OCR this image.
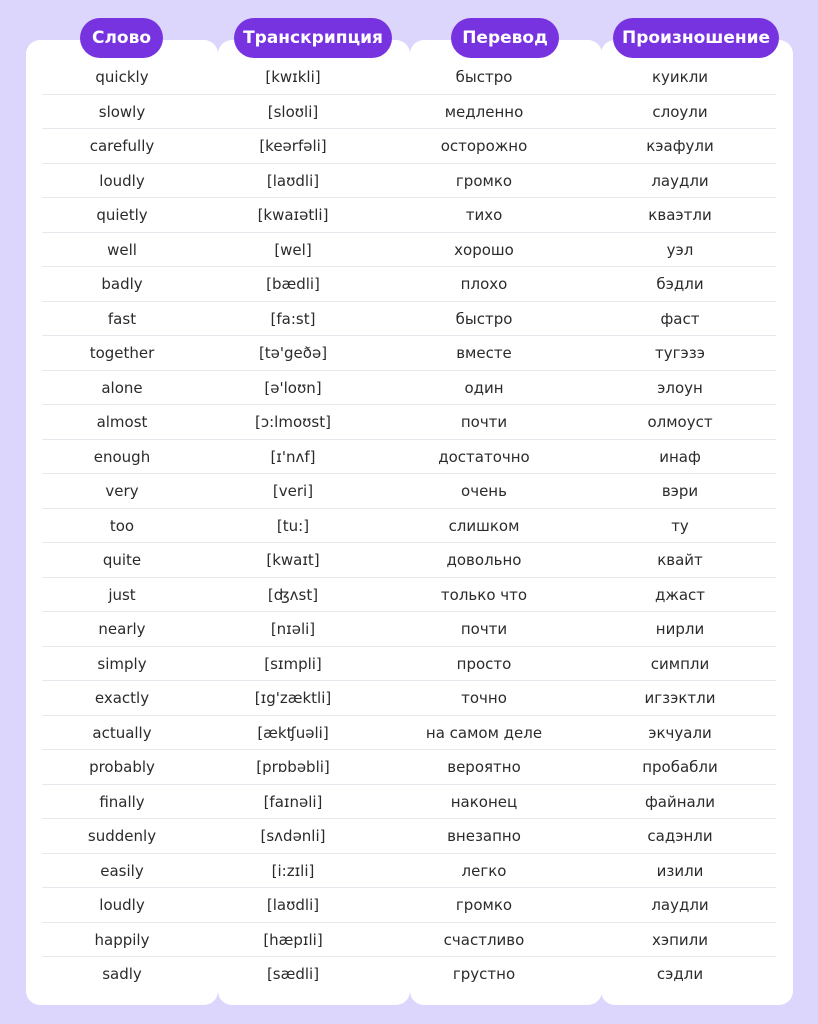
Слово	Транскрипция	Перевод	Произношение
quickly	[kwɪkli]	быстро	куикли
slowly	[sloʊli]	медленно	слоули
carefully	[keərfəli]	осторожно	кэафули
loudly	[laʊdli]	громко	лаудли
quietly	[kwaɪətli]	тихо	кваэтли
well	[wel]	хорошо	уэл
badly	[bædli]	плохо	бэдли
fast	[fa:st]	быстро	фаст
together	[tə'geðə]	вместе	тугэзэ
alone	[ə'loʊn]	один	элоун
almost	[ɔ:lmoʊst]	почти	олмоуст
enough	[ɪ'nʌf]	достаточно	инаф
very	[veri]	очень	вэри
too	[tu:]	слишком	ту
quite	[kwaɪt]	довольно	квайт
just	[ʤʌst]	только что	джаст
nearly	[nɪəli]	почти	нирли
simply	[sɪmpli]	просто	симпли
exactly	[ɪg'zæktli]	точно	игзэктли
actually	[ækʧuəli]	на самом деле	экчуали
probably	[prɒbəbli]	вероятно	пробабли
finally	[faɪnəli]	наконец	файнали
suddenly	[sʌdənli]	внезапно	садэнли
easily	[i:zɪli]	легко	изили
loudly	[laʊdli]	громко	лаудли
happily	[hæpɪli]	счастливо	хэпили
sadly	[sædli]	грустно	сэдли
